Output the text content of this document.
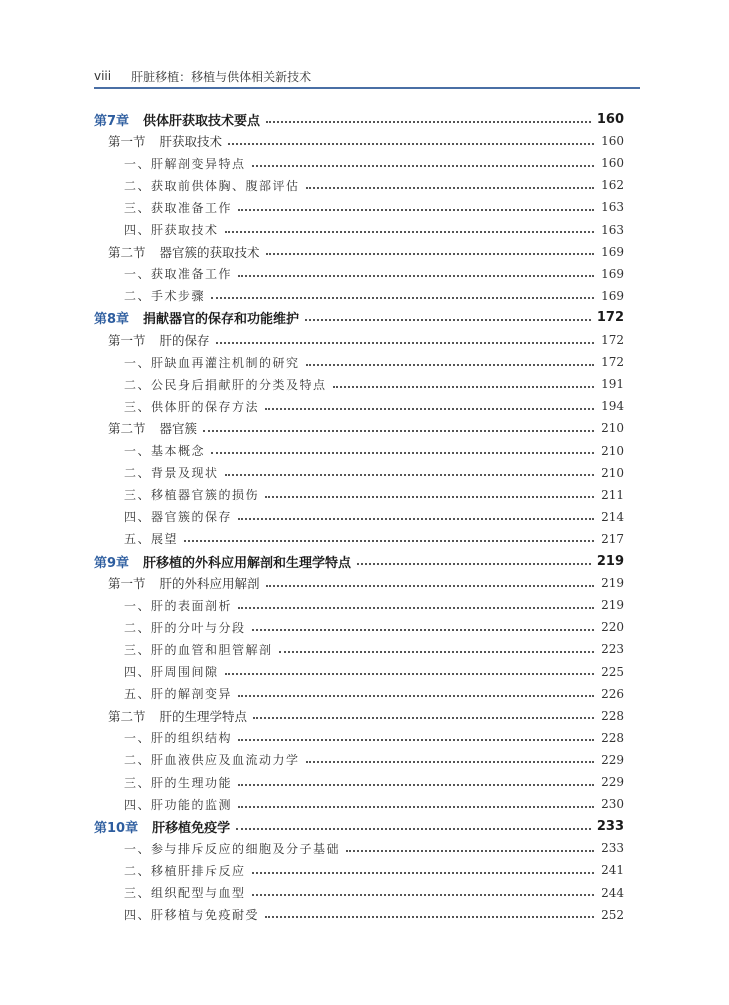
viii 肝脏移植：移植与供体相关新技术
第7章 供体肝获取技术要点	160
第一节 肝获取技术	160
一、肝解剖变异特点	160
二、获取前供体胸、腹部评估	162
三、获取准备工作	163
四、肝获取技术	163
第二节 器官簇的获取技术	169
一、获取准备工作	169
二、手术步骤	169
第8章 捐献器官的保存和功能维护	172
第一节 肝的保存	172
一、肝缺血再灌注机制的研究	172
二、公民身后捐献肝的分类及特点	191
三、供体肝的保存方法	194
第二节 器官簇	210
一、基本概念	210
二、背景及现状	210
三、移植器官簇的损伤	211
四、器官簇的保存	214
五、展望	217
第9章 肝移植的外科应用解剖和生理学特点	219
第一节 肝的外科应用解剖	219
一、肝的表面剖析	219
二、肝的分叶与分段	220
三、肝的血管和胆管解剖	223
四、肝周围间隙	225
五、肝的解剖变异	226
第二节 肝的生理学特点	228
一、肝的组织结构	228
二、肝血液供应及血流动力学	229
三、肝的生理功能	229
四、肝功能的监测	230
第10章 肝移植免疫学	233
一、参与排斥反应的细胞及分子基础	233
二、移植肝排斥反应	241
三、组织配型与血型	244
四、肝移植与免疫耐受	252
